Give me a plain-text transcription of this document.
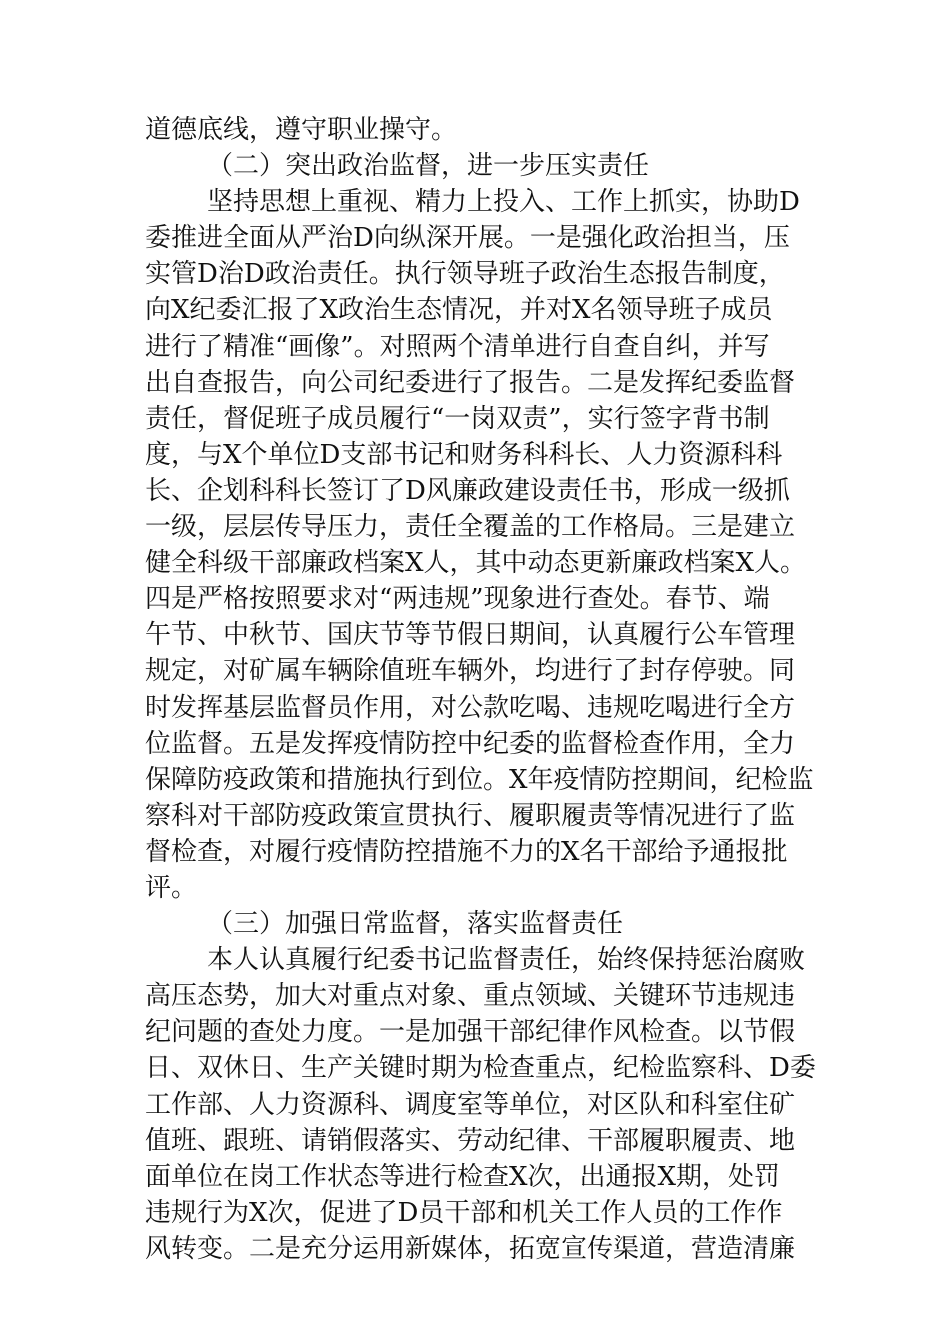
道德底线，遵守职业操守。
（二）突出政治监督，进一步压实责任
坚持思想上重视、精力上投入、工作上抓实，协助D
委推进全面从严治D向纵深开展。一是强化政治担当，压
实管D治D政治责任。执行领导班子政治生态报告制度，
向X纪委汇报了X政治生态情况，并对X名领导班子成员
进行了精准“画像”。对照两个清单进行自查自纠，并写
出自查报告，向公司纪委进行了报告。二是发挥纪委监督
责任，督促班子成员履行“一岗双责”，实行签字背书制
度，与X个单位D支部书记和财务科科长、人力资源科科
长、企划科科长签订了D风廉政建设责任书，形成一级抓
一级，层层传导压力，责任全覆盖的工作格局。三是建立
健全科级干部廉政档案X人，其中动态更新廉政档案X人。
四是严格按照要求对“两违规”现象进行查处。春节、端
午节、中秋节、国庆节等节假日期间，认真履行公车管理
规定，对矿属车辆除值班车辆外，均进行了封存停驶。同
时发挥基层监督员作用，对公款吃喝、违规吃喝进行全方
位监督。五是发挥疫情防控中纪委的监督检查作用，全力
保障防疫政策和措施执行到位。X年疫情防控期间，纪检监
察科对干部防疫政策宣贯执行、履职履责等情况进行了监
督检查，对履行疫情防控措施不力的X名干部给予通报批
评。
（三）加强日常监督，落实监督责任
本人认真履行纪委书记监督责任，始终保持惩治腐败
高压态势，加大对重点对象、重点领域、关键环节违规违
纪问题的查处力度。一是加强干部纪律作风检查。以节假
日、双休日、生产关键时期为检查重点，纪检监察科、D委
工作部、人力资源科、调度室等单位，对区队和科室住矿
值班、跟班、请销假落实、劳动纪律、干部履职履责、地
面单位在岗工作状态等进行检查X次，出通报X期，处罚
违规行为X次，促进了D员干部和机关工作人员的工作作
风转变。二是充分运用新媒体，拓宽宣传渠道，营造清廉
